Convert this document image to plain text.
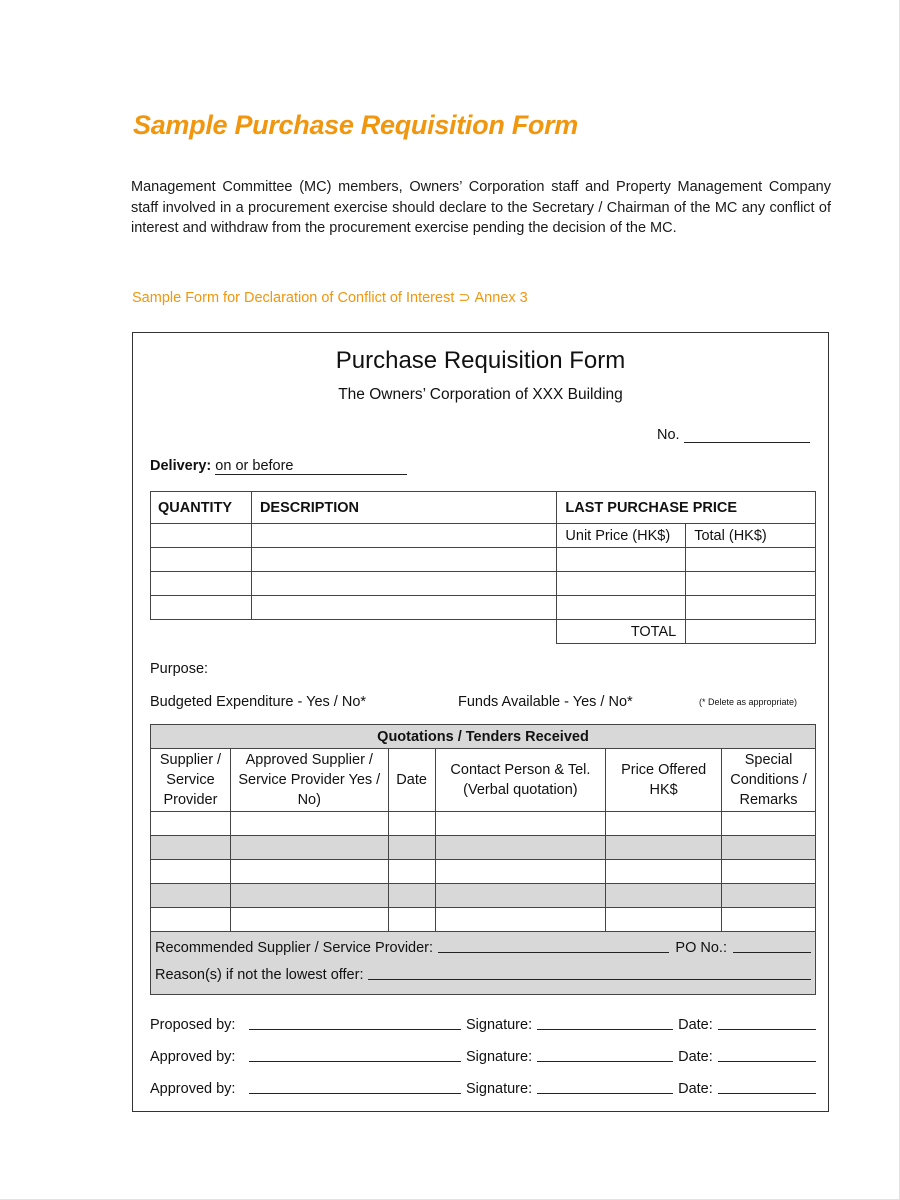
Sample Purchase Requisition Form

Management Committee (MC) members, Owners’ Corporation staff and Property Management Company staff involved in a procurement exercise should declare to the Secretary / Chairman of the MC any conflict of interest and withdraw from the procurement exercise pending the decision of the MC.

Sample Form for Declaration of Conflict of Interest ⊃ Annex 3

Purchase Requisition Form
The Owners’ Corporation of XXX Building
No.
Delivery: on or before
QUANTITY	DESCRIPTION	LAST PURCHASE PRICE	
		Unit Price (HK$)	Total (HK$)

		TOTAL	
Purpose:
Budgeted Expenditure - Yes / No*	Funds Available - Yes / No*	(* Delete as appropriate)
Quotations / Tenders Received					
Supplier / Service Provider	Approved Supplier / Service Provider Yes / No)	Date	Contact Person & Tel. (Verbal quotation)	Price Offered HK$	Special Conditions / Remarks

Recommended Supplier / Service Provider: PO No.:
Reason(s) if not the lowest offer:					
Proposed by:	Signature:	Date:
Approved by:	Signature:	Date:
Approved by:	Signature:	Date:
